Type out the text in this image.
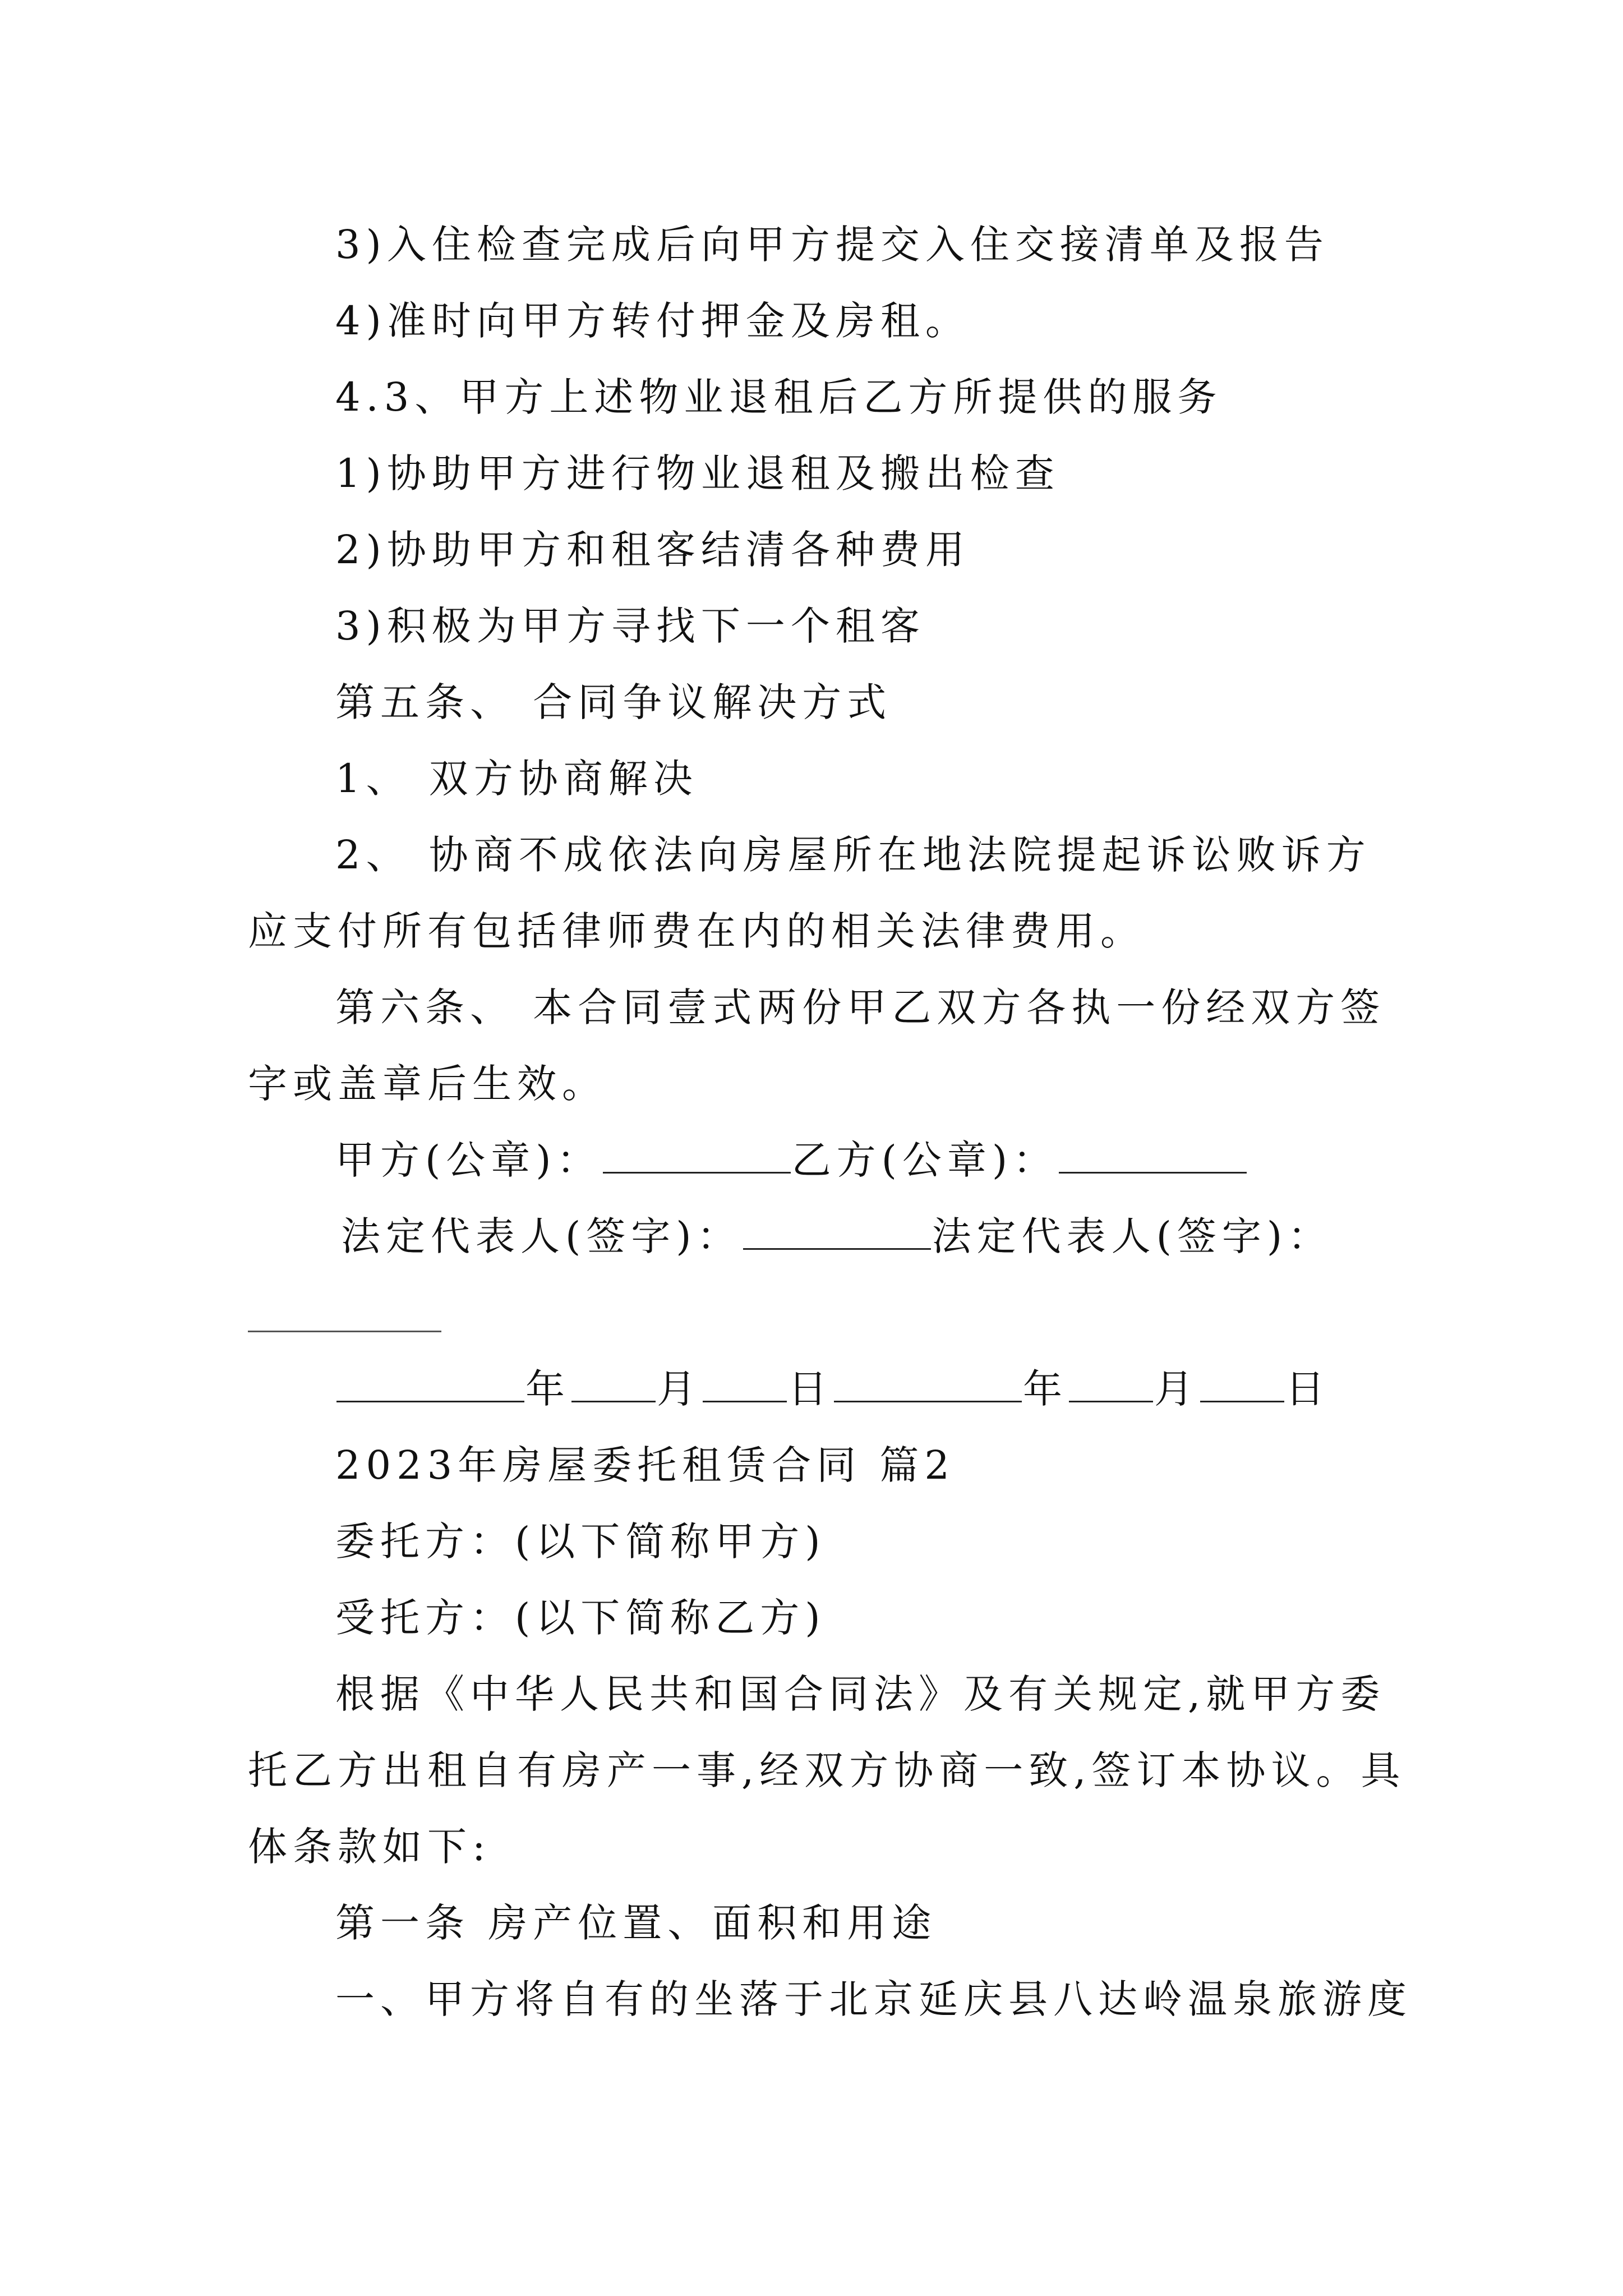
3)入住检查完成后向甲方提交入住交接清单及报告
4)准时向甲方转付押金及房租。
4.3、甲方上述物业退租后乙方所提供的服务
1)协助甲方进行物业退租及搬出检查
2)协助甲方和租客结清各种费用
3)积极为甲方寻找下一个租客
第五条、 合同争议解决方式
1、 双方协商解决
2、 协商不成依法向房屋所在地法院提起诉讼败诉方
应支付所有包括律师费在内的相关法律费用。
第六条、 本合同壹式两份甲乙双方各执一份经双方签
字或盖章后生效。
甲方(公章)：	乙方(公章)：
法定代表人(签字)：	法定代表人(签字)：
年 月 日	年 月 日
2023年房屋委托租赁合同 篇2
委托方：(以下简称甲方)
受托方：(以下简称乙方)
根据《中华人民共和国合同法》及有关规定,就甲方委
托乙方出租自有房产一事,经双方协商一致,签订本协议。具
体条款如下:
第一条 房产位置、面积和用途
一、甲方将自有的坐落于北京延庆县八达岭温泉旅游度
